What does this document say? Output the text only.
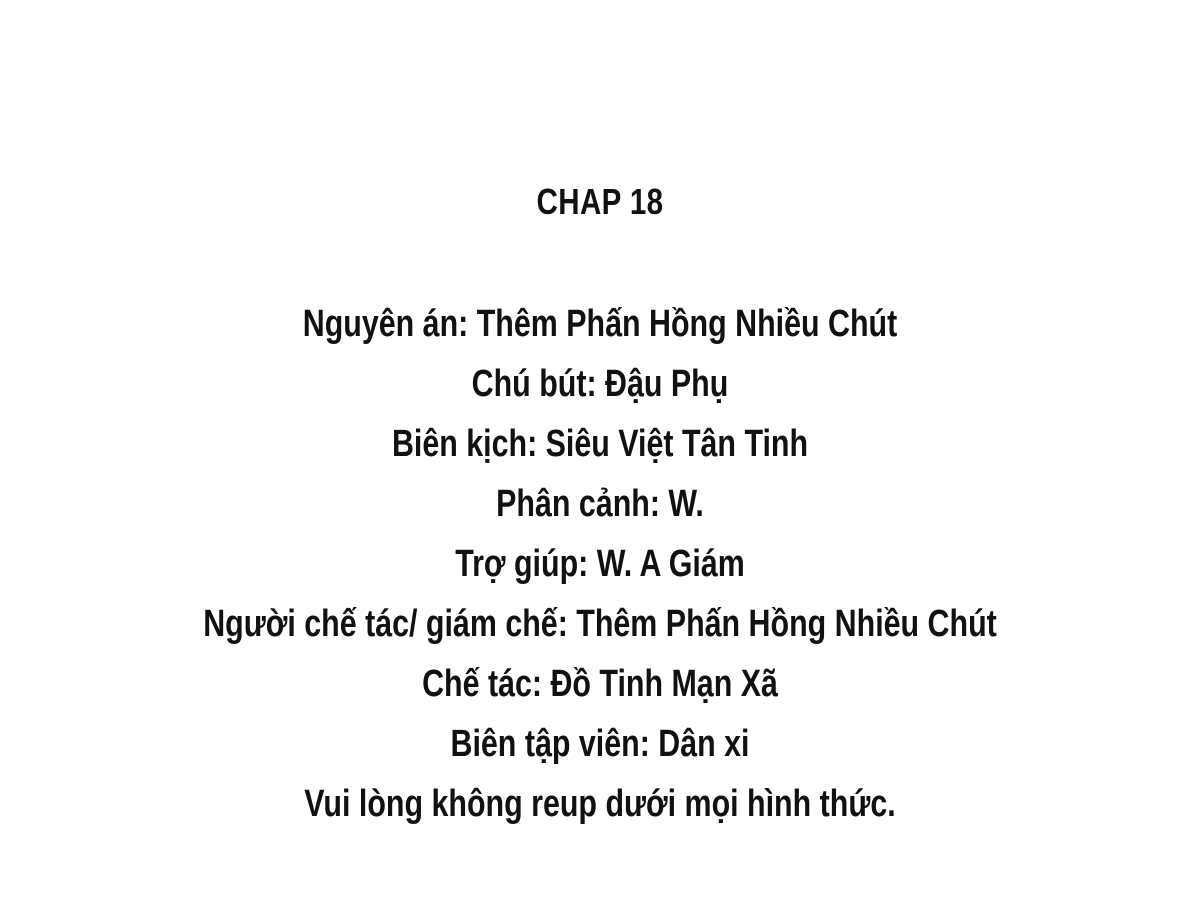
CHAP 18
Nguyên án: Thêm Phấn Hồng Nhiều Chút
Chú bút: Đậu Phụ
Biên kịch: Siêu Việt Tân Tinh
Phân cảnh: W.
Trợ giúp: W. A Giám
Người chế tác/ giám chế: Thêm Phấn Hồng Nhiều Chút
Chế tác: Đồ Tinh Mạn Xã
Biên tập viên: Dân xi
Vui lòng không reup dưới mọi hình thức.
